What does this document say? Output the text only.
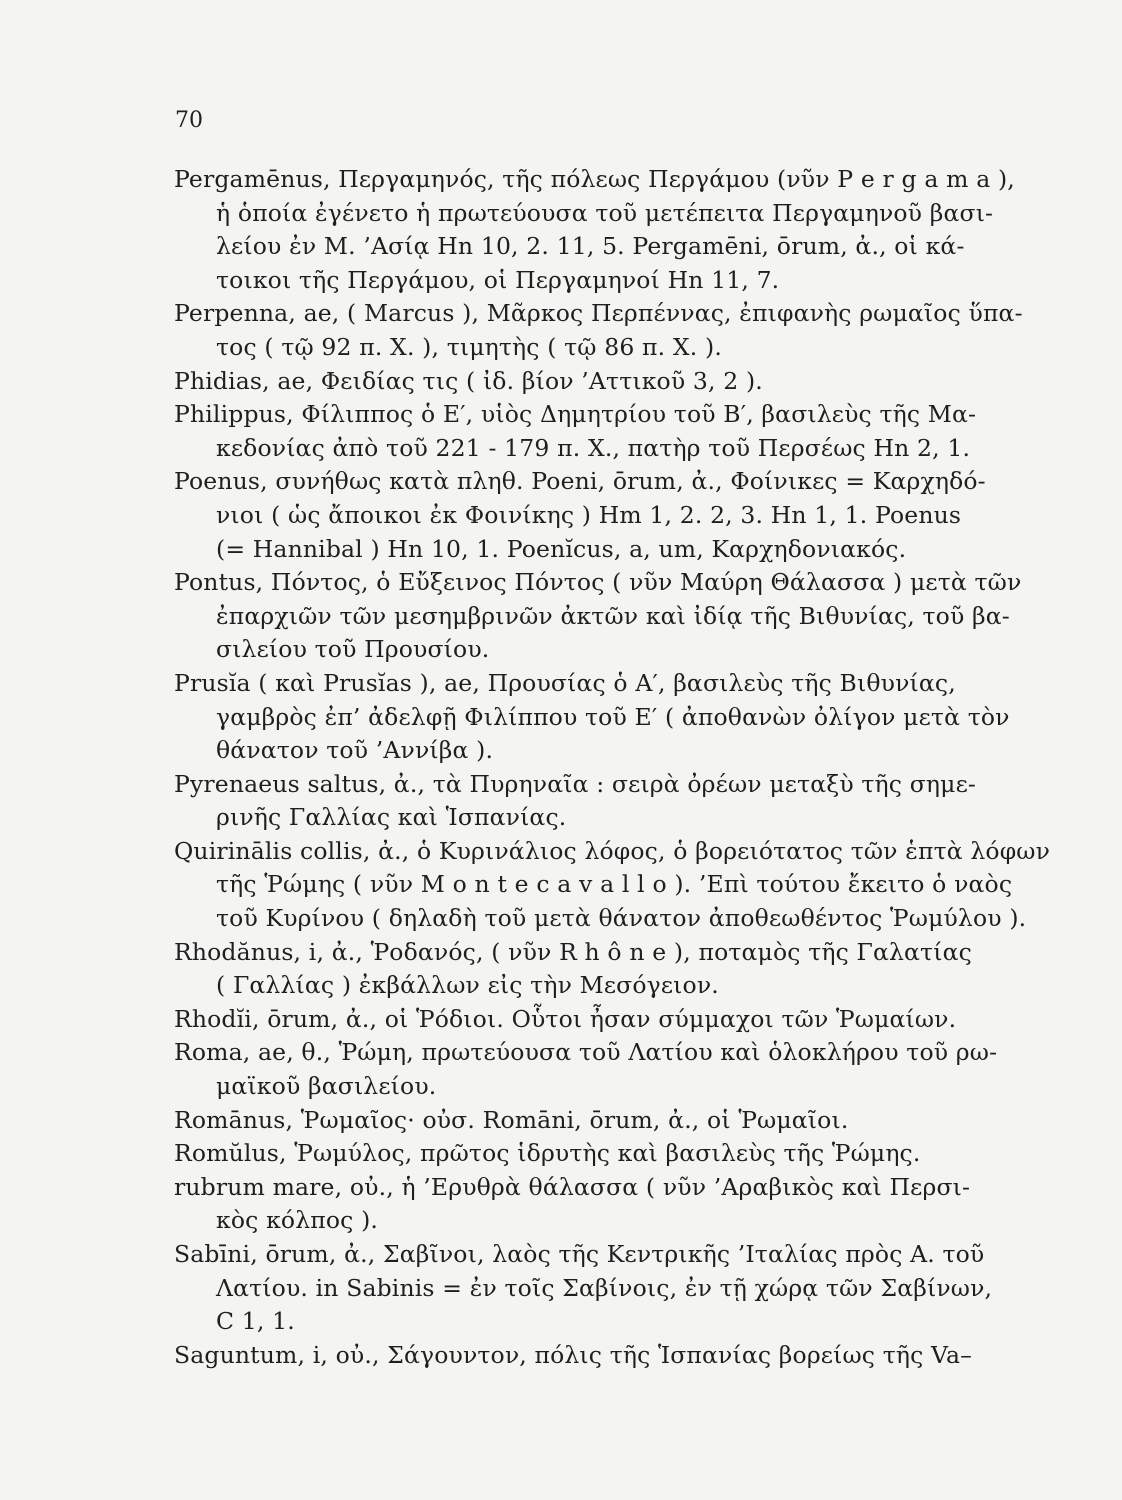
70
Pergamēnus, Περγαμηνός, τῆς πόλεως Περγάμου (νῦν P e r g a m a ),
ἡ ὁποία ἐγένετο ἡ πρωτεύουσα τοῦ μετέπειτα Περγαμηνοῦ βασι-
λείου ἐν Μ. ’Ασίᾳ Hn 10, 2. 11, 5. Pergamēni, ōrum, ἀ., οἱ κά-
τοικοι τῆς Περγάμου, οἱ Περγαμηνοί Hn 11, 7.
Perpenna, ae, ( Marcus ), Μᾶρκος Περπέννας, ἐπιφανὴς ρωμαῖος ὕπα-
τος ( τῷ 92 π. Χ. ), τιμητὴς ( τῷ 86 π. Χ. ).
Phidias, ae, Φειδίας τις ( ἰδ. βίον ’Αττικοῦ 3, 2 ).
Philippus, Φίλιππος ὁ Ε′, υἱὸς Δημητρίου τοῦ Β′, βασιλεὺς τῆς Μα-
κεδονίας ἀπὸ τοῦ 221 - 179 π. Χ., πατὴρ τοῦ Περσέως Hn 2, 1.
Poenus, συνήθως κατὰ πληθ. Poeni, ōrum, ἀ., Φοίνικες = Καρχηδό-
νιοι ( ὡς ἄποικοι ἐκ Φοινίκης ) Hm 1, 2. 2, 3. Hn 1, 1. Poenus
(= Hannibal ) Hn 10, 1. Poenĭcus, a, um, Καρχηδονιακός.
Pontus, Πόντος, ὁ Εὔξεινος Πόντος ( νῦν Μαύρη Θάλασσα ) μετὰ τῶν
ἐπαρχιῶν τῶν μεσημβρινῶν ἀκτῶν καὶ ἰδίᾳ τῆς Βιθυνίας, τοῦ βα-
σιλείου τοῦ Προυσίου.
Prusĭa ( καὶ Prusĭas ), ae, Προυσίας ὁ Α′, βασιλεὺς τῆς Βιθυνίας,
γαμβρὸς ἐπ’ ἀδελφῇ Φιλίππου τοῦ Ε′ ( ἀποθανὼν ὀλίγον μετὰ τὸν
θάνατον τοῦ ’Αννίβα ).
Pyrenaeus saltus, ἀ., τὰ Πυρηναῖα : σειρὰ ὀρέων μεταξὺ τῆς σημε-
ρινῆς Γαλλίας καὶ Ἱσπανίας.
Quirinālis collis, ἀ., ὁ Κυρινάλιος λόφος, ὁ βορειότατος τῶν ἑπτὰ λόφων
τῆς Ῥώμης ( νῦν M o n t e c a v a l l o ). ’Επὶ τούτου ἔκειτο ὁ ναὸς
τοῦ Κυρίνου ( δηλαδὴ τοῦ μετὰ θάνατον ἀποθεωθέντος Ῥωμύλου ).
Rhodănus, i, ἀ., Ῥοδανός, ( νῦν R h ô n e ), ποταμὸς τῆς Γαλατίας
( Γαλλίας ) ἐκβάλλων εἰς τὴν Μεσόγειον.
Rhodĭi, ōrum, ἀ., οἱ Ῥόδιοι. Οὗτοι ἦσαν σύμμαχοι τῶν Ῥωμαίων.
Roma, ae, θ., Ῥώμη, πρωτεύουσα τοῦ Λατίου καὶ ὁλοκλήρου τοῦ ρω-
μαϊκοῦ βασιλείου.
Romānus, Ῥωμαῖος· οὐσ. Romāni, ōrum, ἀ., οἱ Ῥωμαῖοι.
Romŭlus, Ῥωμύλος, πρῶτος ἱδρυτὴς καὶ βασιλεὺς τῆς Ῥώμης.
rubrum mare, οὐ., ἡ ’Ερυθρὰ θάλασσα ( νῦν ’Αραβικὸς καὶ Περσι-
κὸς κόλπος ).
Sabīni, ōrum, ἀ., Σαβῖνοι, λαὸς τῆς Κεντρικῆς ’Ιταλίας πρὸς Α. τοῦ
Λατίου. in Sabinis = ἐν τοῖς Σαβίνοις, ἐν τῇ χώρᾳ τῶν Σαβίνων,
C 1, 1.
Saguntum, i, οὐ., Σάγουντον, πόλις τῆς Ἱσπανίας βορείως τῆς Va–
